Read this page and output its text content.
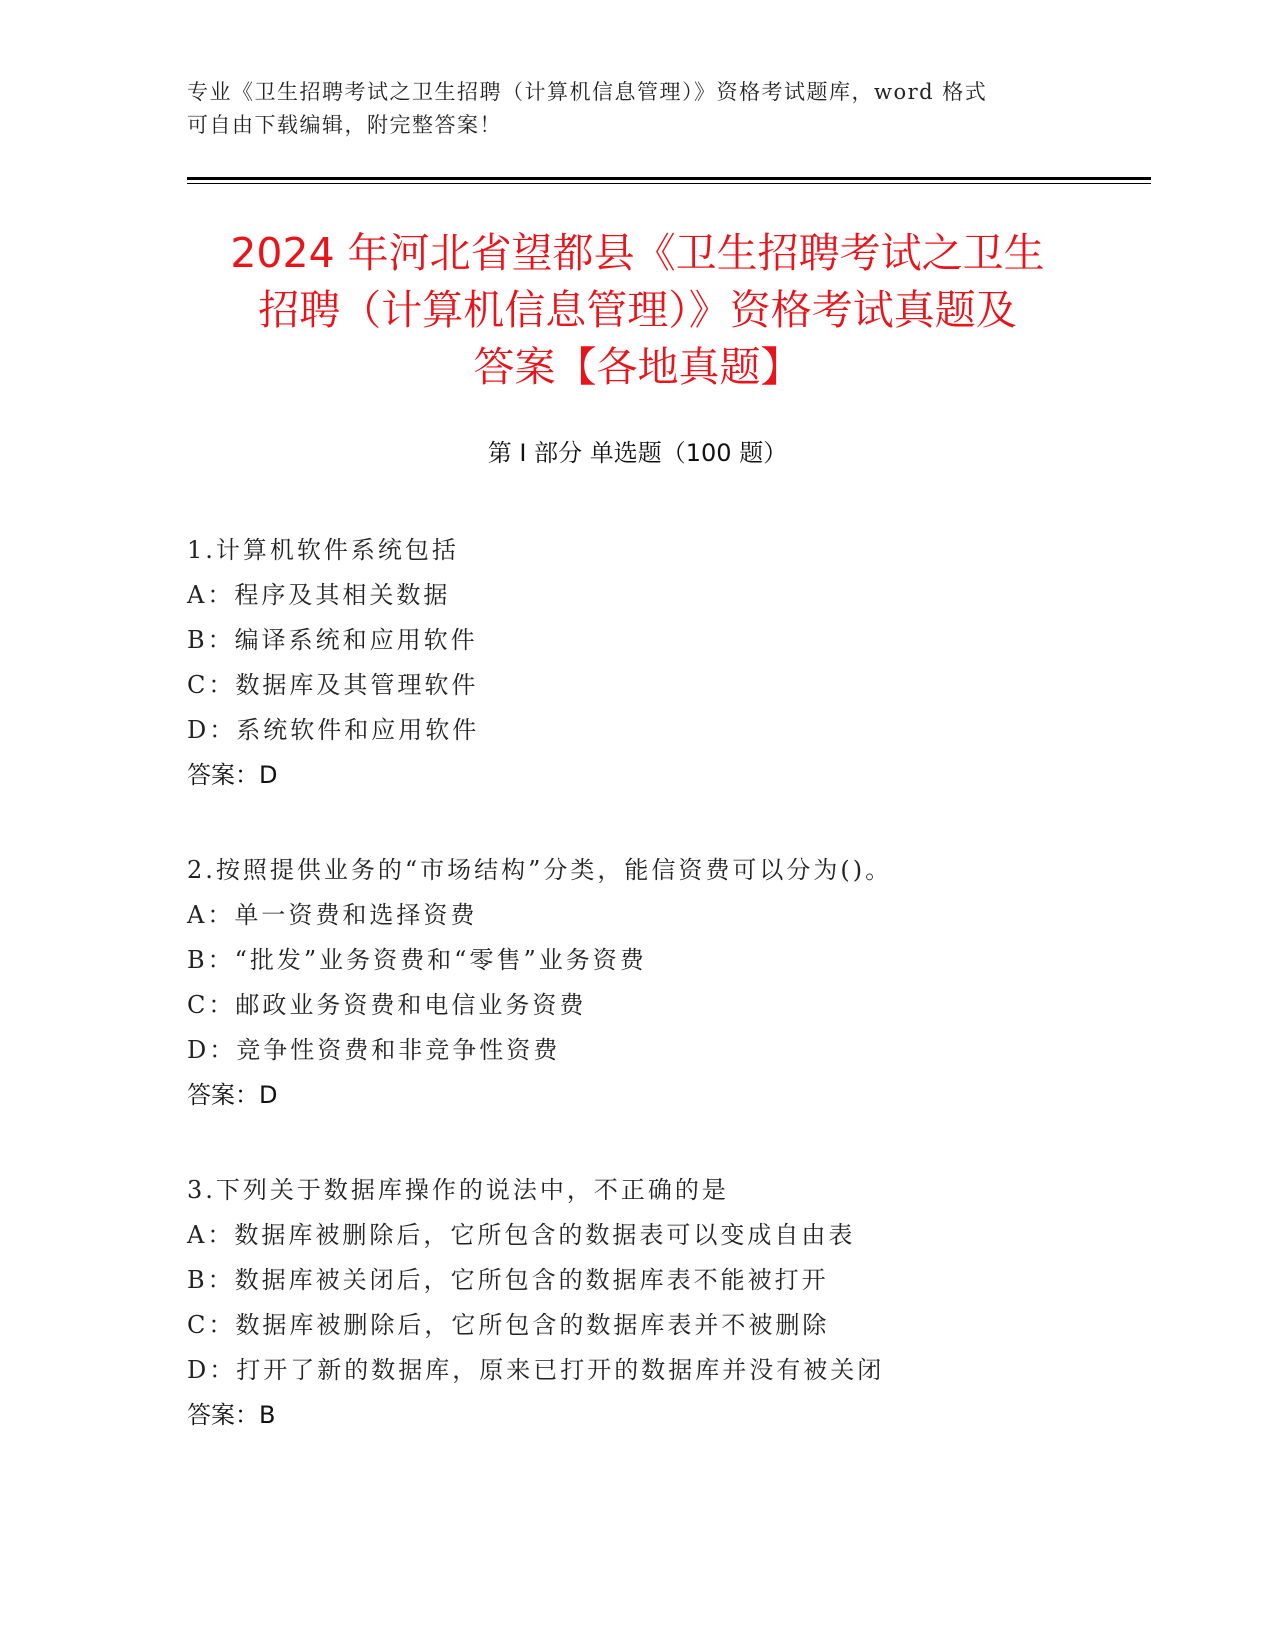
专业《卫生招聘考试之卫生招聘（计算机信息管理）》资格考试题库，word 格式
可自由下载编辑，附完整答案！
2024 年河北省望都县《卫生招聘考试之卫生
招聘（计算机信息管理）》资格考试真题及
答案【各地真题】
第 I 部分 单选题（100 题）
1.计算机软件系统包括
A：程序及其相关数据
B：编译系统和应用软件
C：数据库及其管理软件
D：系统软件和应用软件
答案：D
2.按照提供业务的“市场结构”分类，能信资费可以分为()。
A：单一资费和选择资费
B：“批发”业务资费和“零售”业务资费
C：邮政业务资费和电信业务资费
D：竞争性资费和非竞争性资费
答案：D
3.下列关于数据库操作的说法中，不正确的是
A：数据库被删除后，它所包含的数据表可以变成自由表
B：数据库被关闭后，它所包含的数据库表不能被打开
C：数据库被删除后，它所包含的数据库表并不被删除
D：打开了新的数据库，原来已打开的数据库并没有被关闭
答案：B
